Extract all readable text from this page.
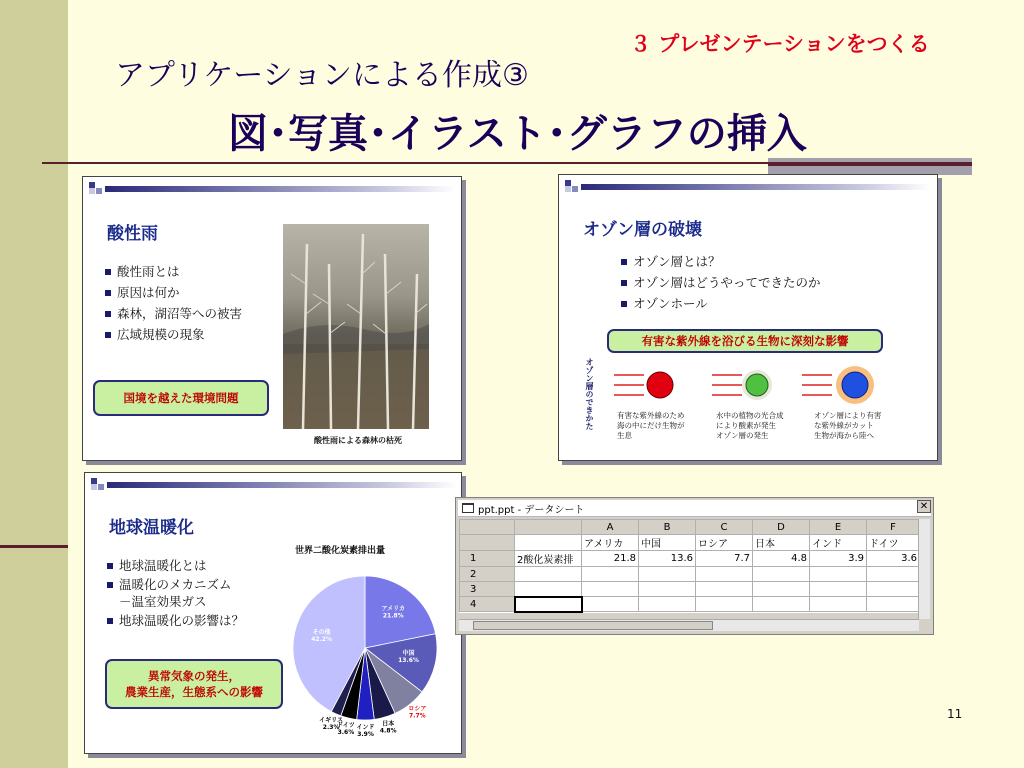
３ プレゼンテーションをつくる
アプリケーションによる作成③
図･写真･イラスト･グラフの挿入
酸性雨
酸性雨とは
原因は何か
森林，湖沼等への被害
広域規模の現象
国境を越えた環境問題
酸性雨による森林の枯死
オゾン層の破壊
オゾン層とは？
オゾン層はどうやってできたのか
オゾンホール
有害な紫外線を浴びる生物に深刻な影響
オゾン層のできかた	有害な紫外線のため
海の中にだけ生物が
生息
水中の植物の光合成
により酸素が発生
オゾン層の発生
オゾン層により有害
な紫外線がカット
生物が海から陸へ
地球温暖化
地球温暖化とは
温暖化のメカニズム
－温室効果ガス
地球温暖化の影響は？
異常気象の発生，
農業生産，生態系への影響
世界二酸化炭素排出量
アメリカ 21.8%
中国 13.6%
ロシア 7.7%
日本 4.8%
インド 3.9%
ドイツ 3.6%
イギリス 2.3%
その他 42.2%
ppt.ppt - データシート	✕
		A	B	C	D	E	F
		アメリカ	中国	ロシア	日本	インド	ドイツ
1	2酸化炭素排	21.8	13.6	7.7	4.8	3.9	3.6
2							
3							
4							
11
